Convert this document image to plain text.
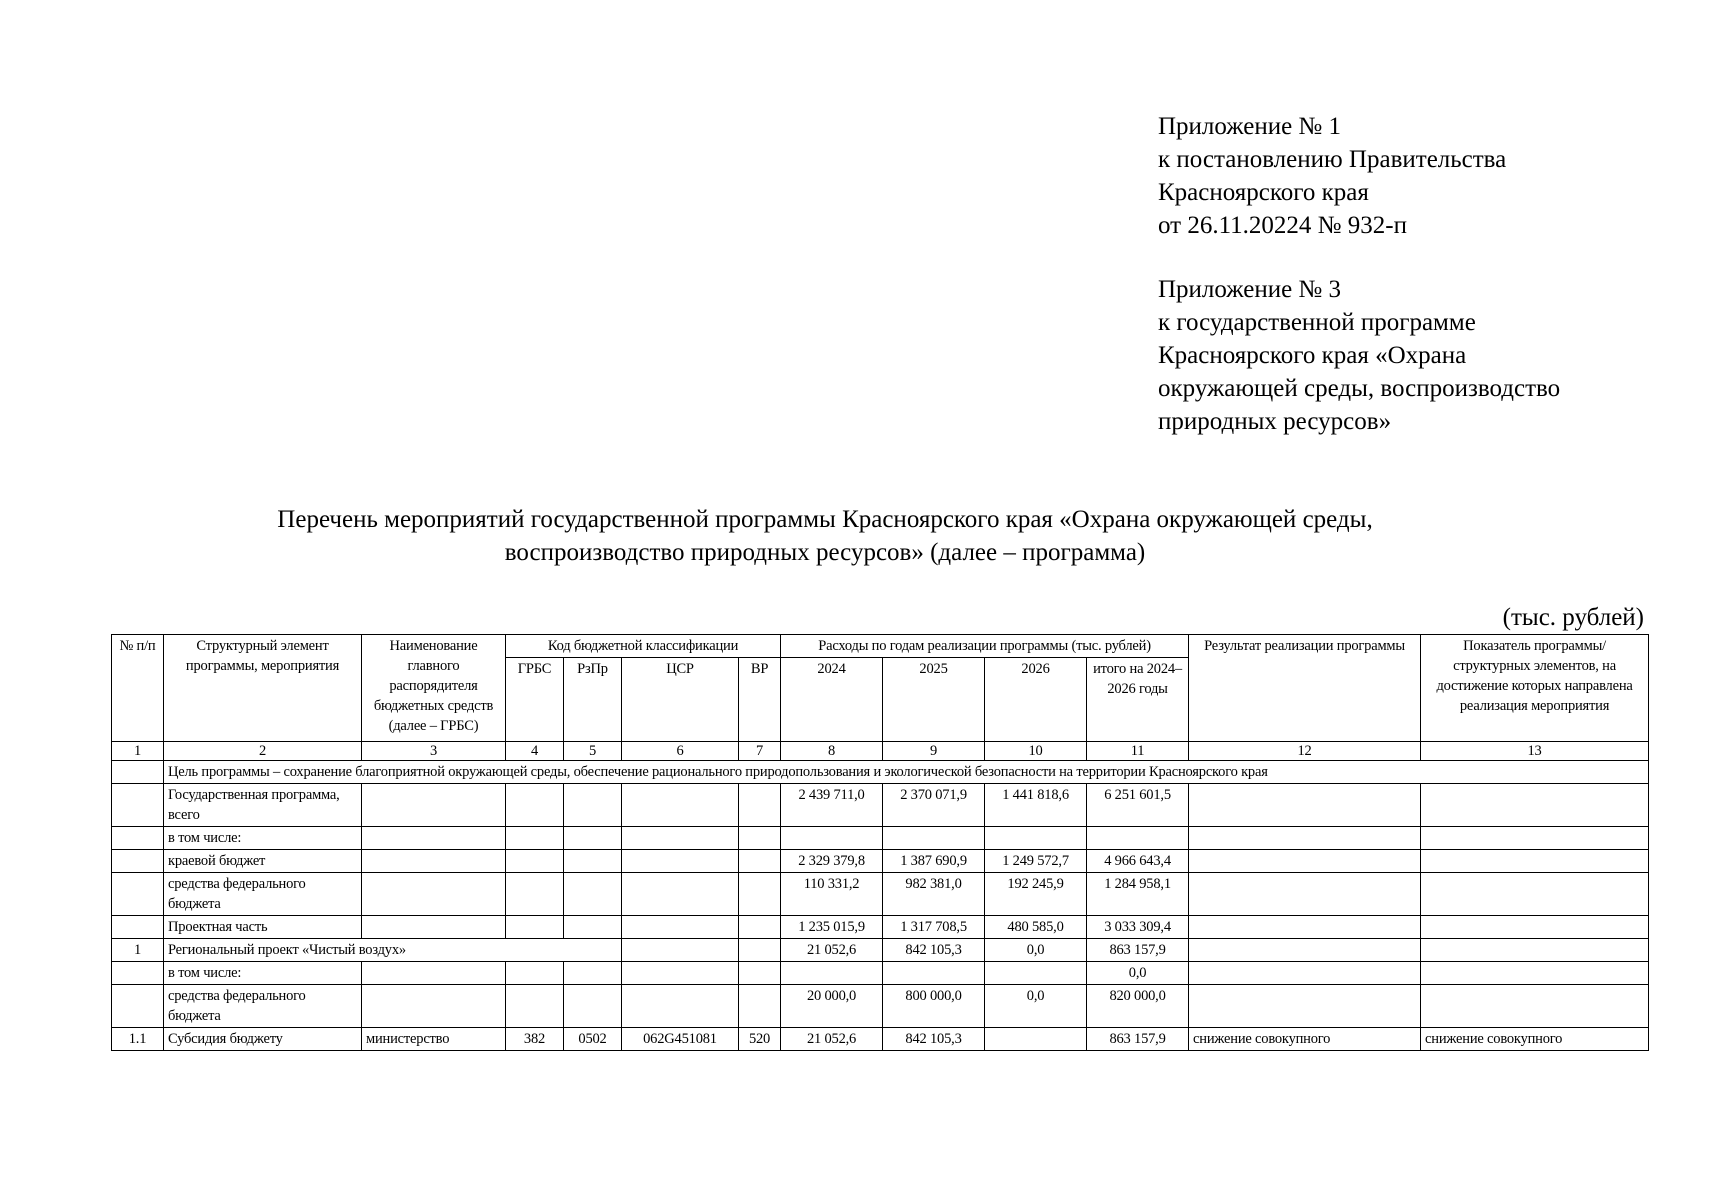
Приложение № 1
к постановлению Правительства
Красноярского края
от 26.11.20224 № 932-п
Приложение № 3
к государственной программе
Красноярского края «Охрана
окружающей среды, воспроизводство
природных ресурсов»
Перечень мероприятий государственной программы Красноярского края «Охрана окружающей среды,
воспроизводство природных ресурсов» (далее – программа)
(тыс. рублей)
№ п/п	Структурный элемент программы, мероприятия	Наименование главного распорядителя бюджетных средств (далее – ГРБС)	Код бюджетной классификации				Расходы по годам реализации программы (тыс. рублей)				Результат реализации программы	Показатель программы/ структурных элементов, на достижение которых направлена реализация мероприятия
			ГРБС	РзПр	ЦСР	ВР	2024	2025	2026	итого на 2024–2026 годы		
1	2	3	4	5	6	7	8	9	10	11	12	13
	Цель программы – сохранение благоприятной окружающей среды, обеспечение рационального природопользования и экологической безопасности на территории Красноярского края											
	Государственная программа, всего						2 439 711,0	2 370 071,9	1 441 818,6	6 251 601,5		
	в том числе:											
	краевой бюджет						2 329 379,8	1 387 690,9	1 249 572,7	4 966 643,4		
	средства федерального бюджета						110 331,2	982 381,0	192 245,9	1 284 958,1		
	Проектная часть						1 235 015,9	1 317 708,5	480 585,0	3 033 309,4		
1	Региональный проект «Чистый воздух»						21 052,6	842 105,3	0,0	863 157,9		
	в том числе:									0,0		
	средства федерального бюджета						20 000,0	800 000,0	0,0	820 000,0		
1.1	Субсидия бюджету	министерство	382	0502	062G451081	520	21 052,6	842 105,3		863 157,9	снижение совокупного	снижение совокупного
